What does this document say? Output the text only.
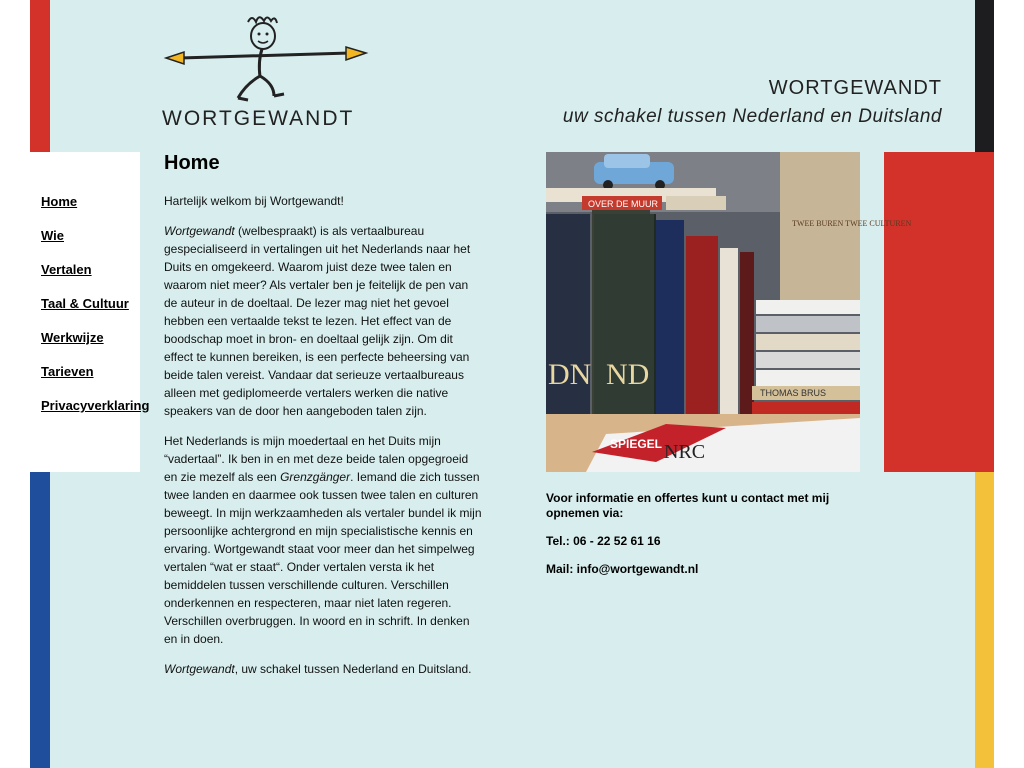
WORTGEWANDT
WORTGEWANDT
uw schakel tussen Nederland en Duitsland
Home
Wie
Vertalen
Taal & Cultuur
Werkwijze
Tarieven
Privacyverklaring
Home

Hartelijk welkom bij Wortgewandt!

Wortgewandt (welbespraakt) is als vertaalbureau gespecialiseerd in vertalingen uit het Nederlands naar het Duits en omgekeerd. Waarom juist deze twee talen en waarom niet meer? Als vertaler ben je feitelijk de pen van de auteur in de doeltaal. De lezer mag niet het gevoel hebben een vertaalde tekst te lezen. Het effect van de boodschap moet in bron- en doeltaal gelijk zijn. Om dit effect te kunnen bereiken, is een perfecte beheersing van beide talen vereist. Vandaar dat serieuze vertaalbureaus alleen met gediplomeerde vertalers werken die native speakers van de door hen aangeboden talen zijn.

Het Nederlands is mijn moedertaal en het Duits mijn “vadertaal”. Ik ben in en met deze beide talen opgegroeid en zie mezelf als een Grenzgänger. Iemand die zich tussen twee landen en daarmee ook tussen twee talen en culturen beweegt. In mijn werkzaamheden als vertaler bundel ik mijn persoonlijke achtergrond en mijn specialistische kennis en ervaring. Wortgewandt staat voor meer dan het simpelweg vertalen “wat er staat“. Onder vertalen versta ik het bemiddelen tussen verschillende culturen. Verschillen onderkennen en respecteren, maar niet laten regeren. Verschillen overbruggen. In woord en in schrift. In denken en in doen.

Wortgewandt, uw schakel tussen Nederland en Duitsland.

OVER DE MUUR
DN ND
TWEE BUREN TWEE CULTUREN
THOMAS BRUS
SPIEGEL NRC
Voor informatie en offertes kunt u contact met mij opnemen via:
Tel.: 06 - 22 52 61 16
Mail: info@wortgewandt.nl
